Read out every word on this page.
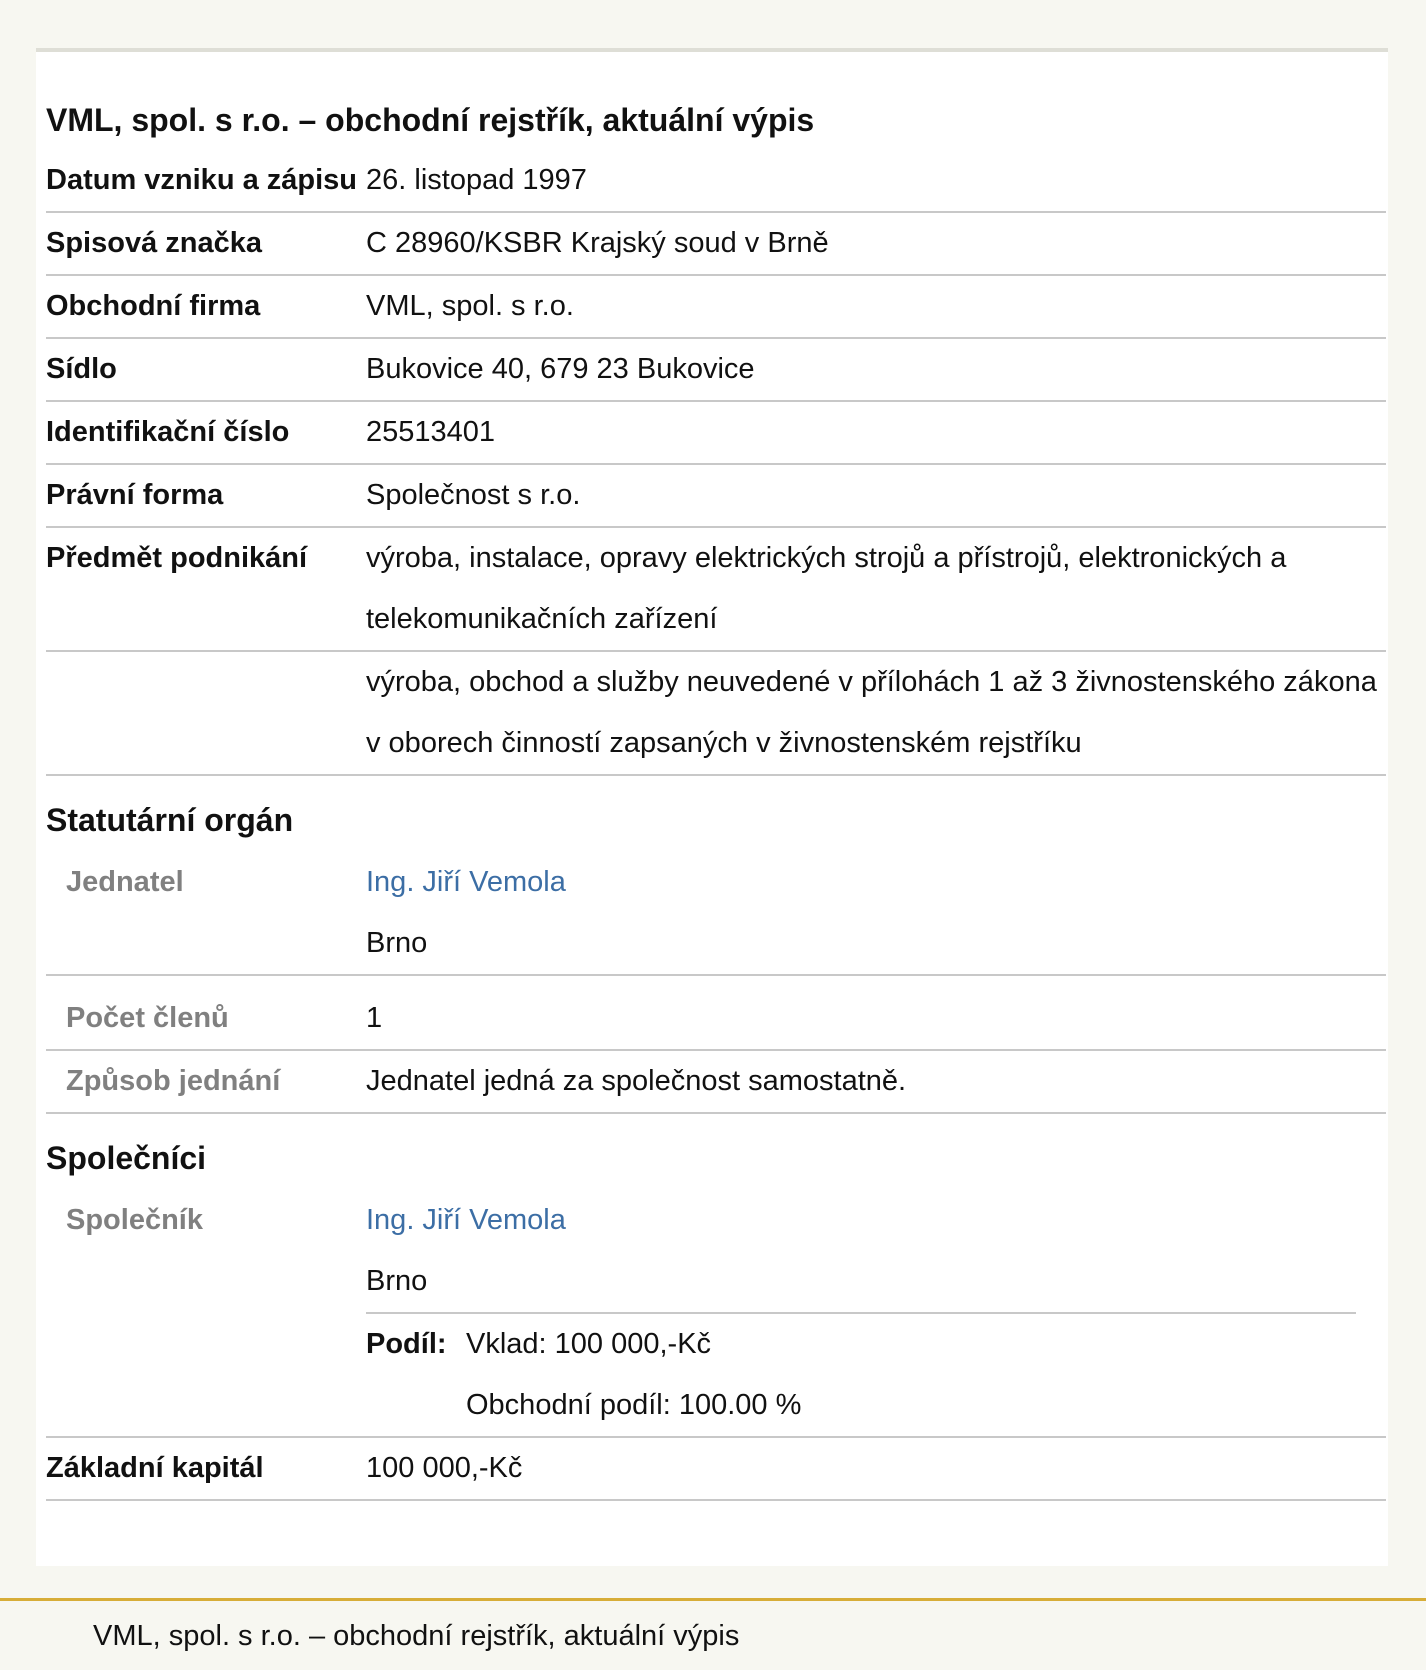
VML, spol. s r.o. – obchodní rejstřík, aktuální výpis
Datum vzniku a zápisu 26. listopad 1997
Spisová značka	C 28960/KSBR Krajský soud v Brně
Obchodní firma	VML, spol. s r.o.
Sídlo	Bukovice 40, 679 23 Bukovice
Identifikační číslo	25513401
Právní forma	Společnost s r.o.
Předmět podnikání	výroba, instalace, opravy elektrických strojů a přístrojů, elektronických a telekomunikačních zařízení
výroba, obchod a služby neuvedené v přílohách 1 až 3 živnostenského zákona v oborech činností zapsaných v živnostenském rejstříku
Statutární orgán
Jednatel	Ing. Jiří Vemola
Brno
Počet členů	1
Způsob jednání	Jednatel jedná za společnost samostatně.
Společníci
Společník	Ing. Jiří Vemola
Brno
Podíl: Vklad: 100 000,-Kč
Obchodní podíl: 100.00 %
Základní kapitál	100 000,-Kč
VML, spol. s r.o. – obchodní rejstřík, aktuální výpis
